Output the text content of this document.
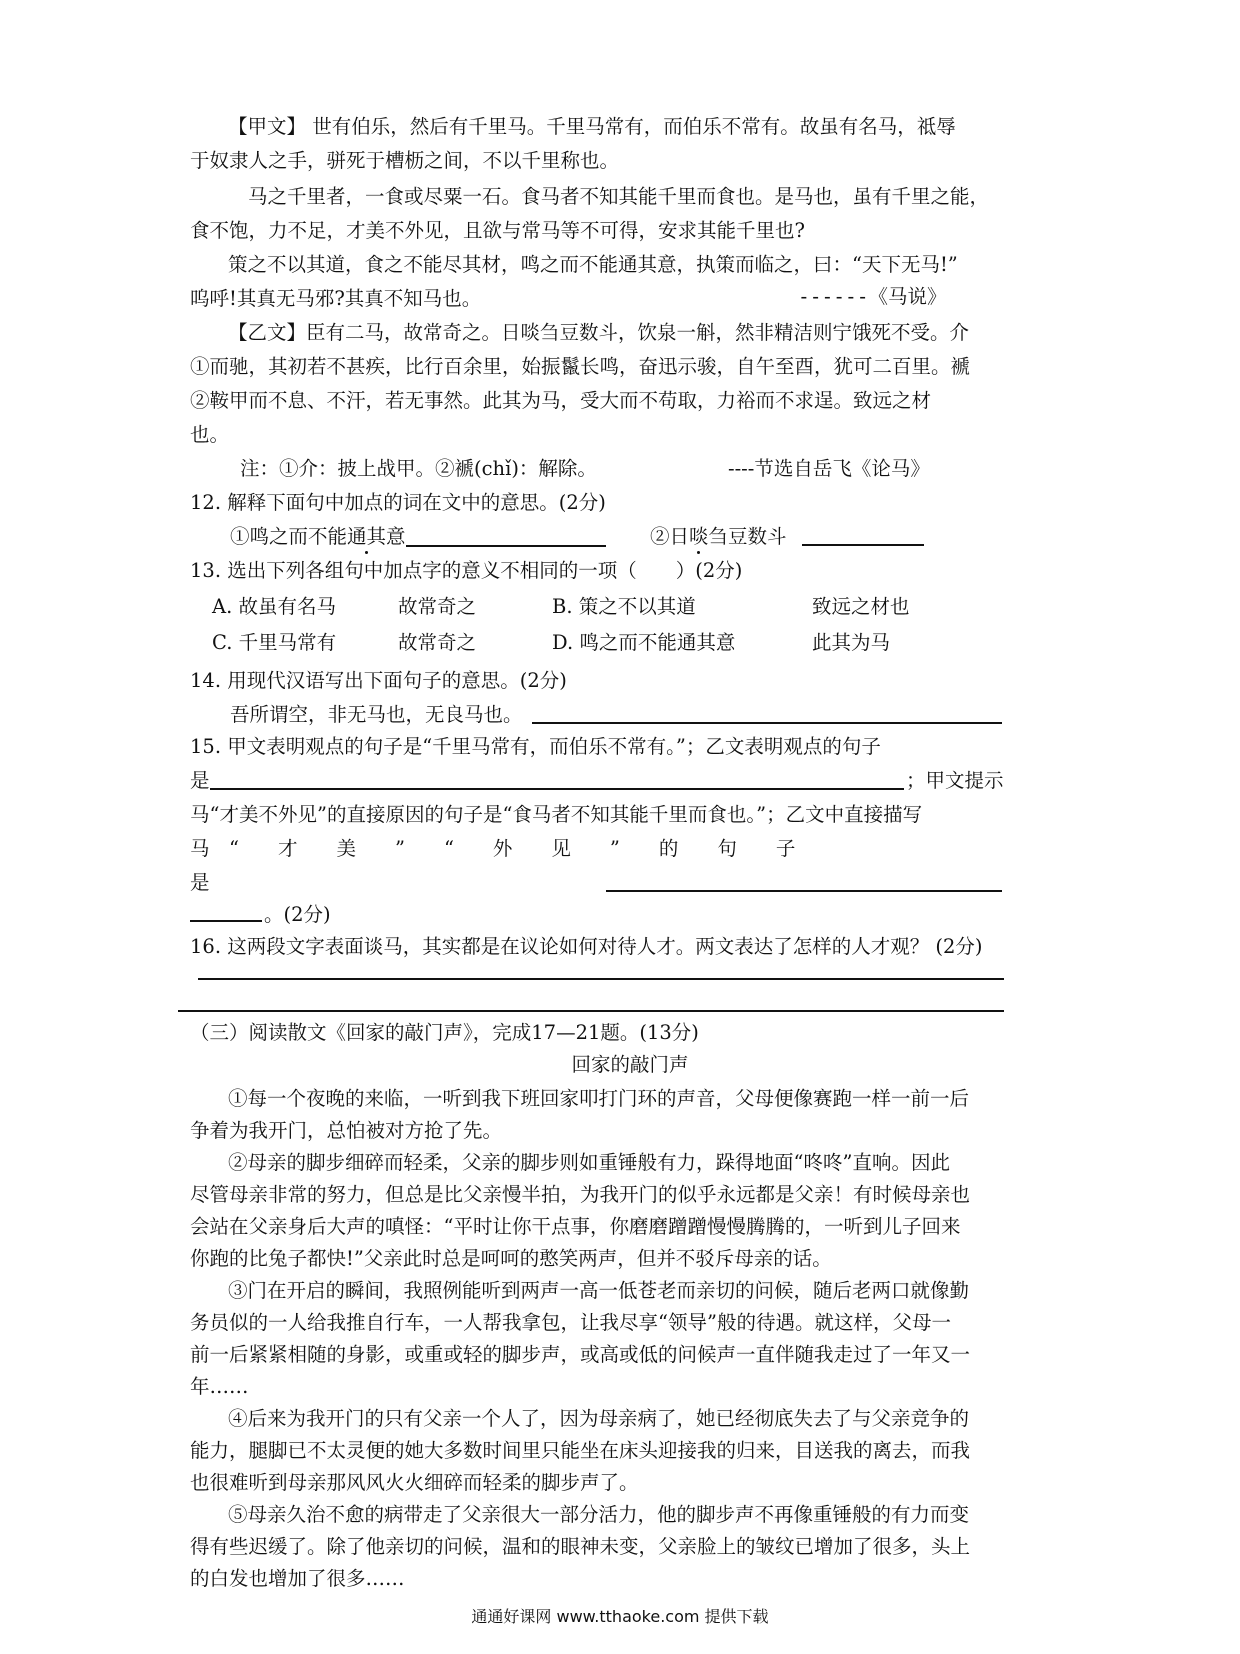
【甲文】 世有伯乐，然后有千里马。千里马常有，而伯乐不常有。故虽有名马，祗辱
于奴隶人之手，骈死于槽枥之间，不以千里称也。
马之千里者，一食或尽粟一石。食马者不知其能千里而食也。是马也，虽有千里之能，
食不饱，力不足，才美不外见，且欲与常马等不可得，安求其能千里也?
策之不以其道，食之不能尽其材，鸣之而不能通其意，执策而临之，曰：“天下无马!”
呜呼!其真无马邪?其真不知马也。	------《马说》
【乙文】臣有二马，故常奇之。日啖刍豆数斗，饮泉一斛，然非精洁则宁饿死不受。介
①而驰，其初若不甚疾，比行百余里，始振鬣长鸣，奋迅示骏，自午至酉，犹可二百里。褫
②鞍甲而不息、不汗，若无事然。此其为马，受大而不苟取，力裕而不求逞。致远之材
也。
注：①介：披上战甲。②褫(chǐ)：解除。	----节选自岳飞《论马》
12. 解释下面句中加点的词在文中的意思。(2分)
①鸣之而不能通其意	②日啖刍豆数斗
13. 选出下列各组句中加点字的意义不相同的一项（　　）(2分)
A. 故虽有名马	故常奇之	B. 策之不以其道	致远之材也
C. 千里马常有	故常奇之	D. 鸣之而不能通其意	此其为马
14. 用现代汉语写出下面句子的意思。(2分)
吾所谓空，非无马也，无良马也。
15. 甲文表明观点的句子是“千里马常有，而伯乐不常有。”；乙文表明观点的句子
是	；甲文提示
马“才美不外见”的直接原因的句子是“食马者不知其能千里而食也。”；乙文中直接描写
马　“　　才　　美　　”　　“　　外　　见　　”　　的　　句　　子
是
。(2分)
16. 这两段文字表面谈马，其实都是在议论如何对待人才。两文表达了怎样的人才观？ (2分)
（三）阅读散文《回家的敲门声》，完成17—21题。(13分)
回家的敲门声
①每一个夜晚的来临，一听到我下班回家叩打门环的声音，父母便像赛跑一样一前一后
争着为我开门，总怕被对方抢了先。
②母亲的脚步细碎而轻柔，父亲的脚步则如重锤般有力，跺得地面“咚咚”直响。因此
尽管母亲非常的努力，但总是比父亲慢半拍，为我开门的似乎永远都是父亲！有时候母亲也
会站在父亲身后大声的嗔怪：“平时让你干点事，你磨磨蹭蹭慢慢腾腾的，一听到儿子回来
你跑的比兔子都快!”父亲此时总是呵呵的憨笑两声，但并不驳斥母亲的话。
③门在开启的瞬间，我照例能听到两声一高一低苍老而亲切的问候，随后老两口就像勤
务员似的一人给我推自行车，一人帮我拿包，让我尽享“领导”般的待遇。就这样，父母一
前一后紧紧相随的身影，或重或轻的脚步声，或高或低的问候声一直伴随我走过了一年又一
年……
④后来为我开门的只有父亲一个人了，因为母亲病了，她已经彻底失去了与父亲竞争的
能力，腿脚已不太灵便的她大多数时间里只能坐在床头迎接我的归来，目送我的离去，而我
也很难听到母亲那风风火火细碎而轻柔的脚步声了。
⑤母亲久治不愈的病带走了父亲很大一部分活力，他的脚步声不再像重锤般的有力而变
得有些迟缓了。除了他亲切的问候，温和的眼神未变，父亲脸上的皱纹已增加了很多，头上
的白发也增加了很多……
通通好课网 www.tthaoke.com 提供下载
